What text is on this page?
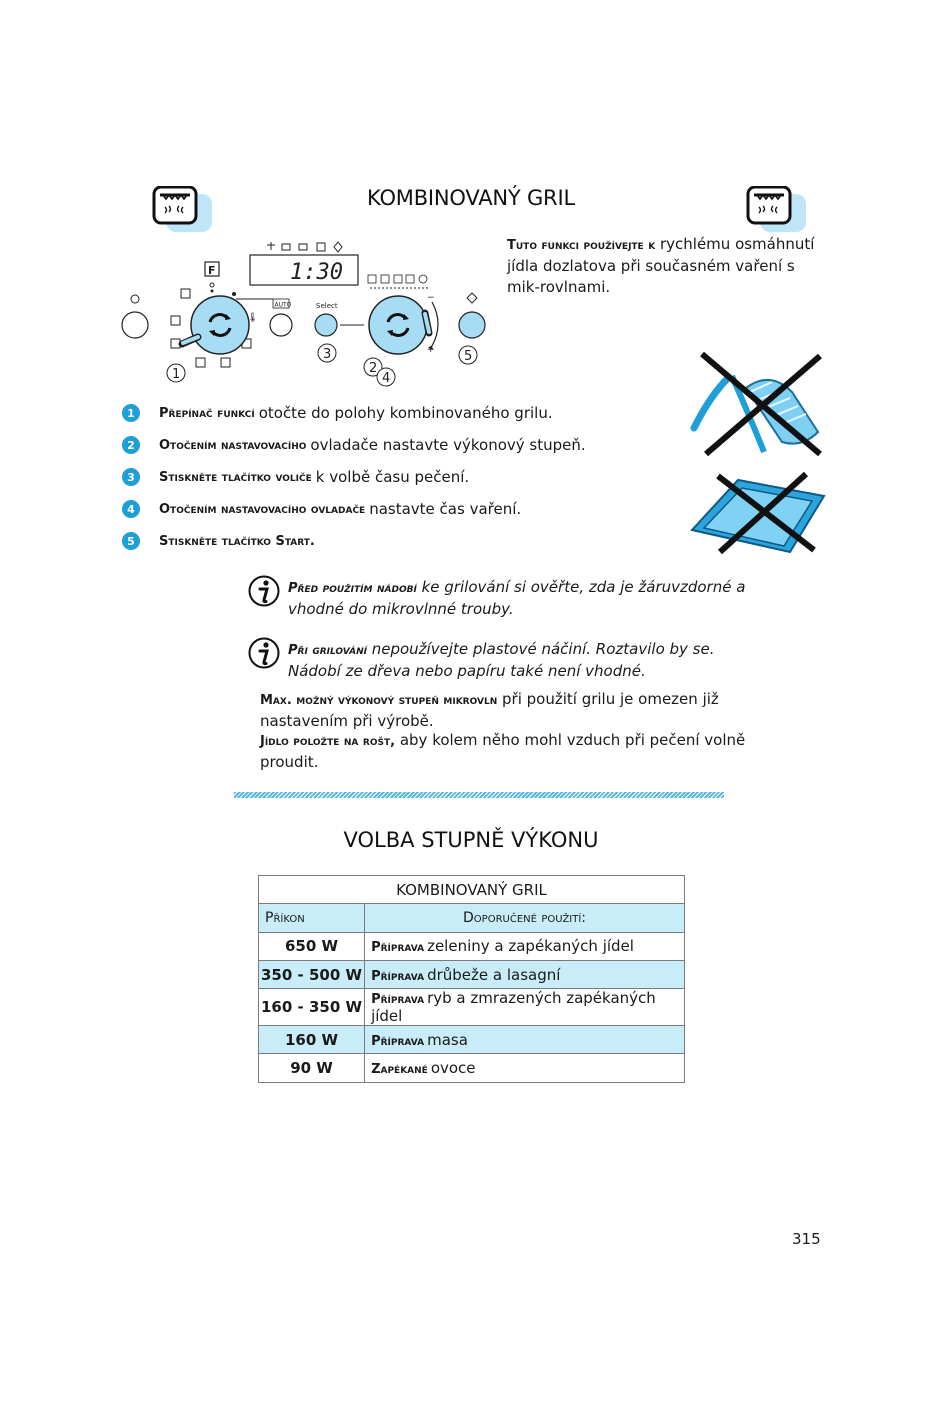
KOMBINOVANÝ GRIL
Tuto funkci používejte k rychlému osmáhnutí jídla dozlatova při současném vaření s mik-rovlnami.
1:30
F
🌡
AUTO	Select
−
+
1
3
2
4
5
1	Přepínač funkcí otočte do polohy kombinovaného grilu.
2	Otočením nastavovacího ovladače nastavte výkonový stupeň.
3	Stiskněte tlačítko voliče k volbě času pečení.
4	Otočením nastavovacího ovladače nastavte čas vaření.
5	Stiskněte tlačítko Start.
Před použitím nádobí ke grilování si ověřte, zda je žáruvzdorné a vhodné do mikrovlnné trouby.
Při grilování nepoužívejte plastové náčiní. Roztavilo by se. Nádobí ze dřeva nebo papíru také není vhodné.
Max. možný výkonový stupeň mikrovln při použití grilu je omezen již nastavením při výrobě.
Jídlo položte na rošt, aby kolem něho mohl vzduch při pečení volně proudit.
VOLBA STUPNĚ VÝKONU
KOMBINOVANÝ GRIL	
Příkon	Doporučené použití:
650 W	Příprava zeleniny a zapékaných jídel
350 - 500 W	Příprava drůbeže a lasagní
160 - 350 W	Příprava ryb a zmrazených zapékaných jídel
160 W	Příprava masa
90 W	Zapékané ovoce
315
